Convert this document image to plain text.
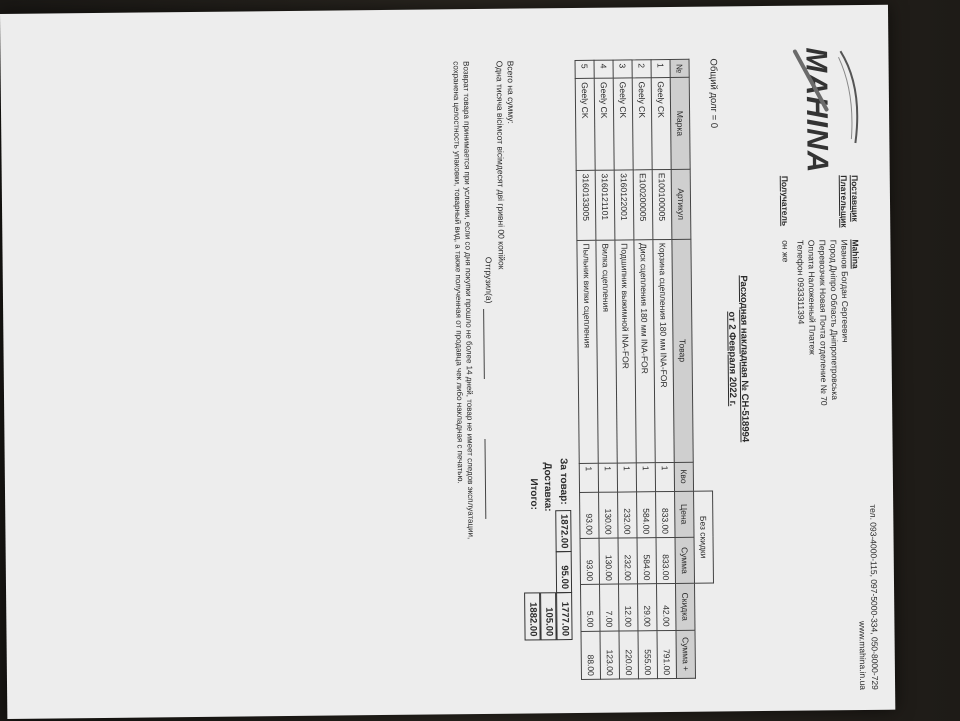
MAHINA
тел. 093-4000-115, 097-5000-334, 050-8000-729
www.mahina.in.ua
Поставщик Mahina
Плательщик
Иванов Богдан Сергеевич
Город Днiпро Область Днiпропетровська
Перевозчик Новая Почта отделение № 70
Оплата Наложенный Платеж
Телефон 0933311394
Получатель он же
Расходная накладная № СН-518994
от 2 Февраля 2022 г.
Общий долг = 0
					Без скидки			
№	Марка	Артикул	Товар	Кво	Цена	Сумма	Скидка	Сумма +
1	Geely CK	E100100005	Корзина сцепления 180 мм INA-FOR	1	833.00	833.00	42.00	791.00
2	Geely CK	E100200005	Диск сцепления 180 мм INA-FOR	1	584.00	584.00	29.00	555.00
3	Geely CK	3160122001	Подшипник выжимной INA-FOR	1	232.00	232.00	12.00	220.00
4	Geely CK	3160121101	Вилка сцепления	1	130.00	130.00	7.00	123.00
5	Geely CK	3160133005	Пыльник вилки сцепления	1	93.00	93.00	5.00	88.00
За товар:
1872.00
95.00
1777.00
Доставка:
105.00
Итого:
1882.00
Всего на сумму:
Одна тисяча вiсiмсот вiсiмдесят двi гривнi 00 копiйок
Отгрузил(а)
Возврат товара принимается при условии, если со дня покупки прошло не более 14 дней, товар не имеет следов эксплуатации,
сохранена целостность упаковки, товарный вид, а также полученная от продавца чек либо накладная с печатью.
